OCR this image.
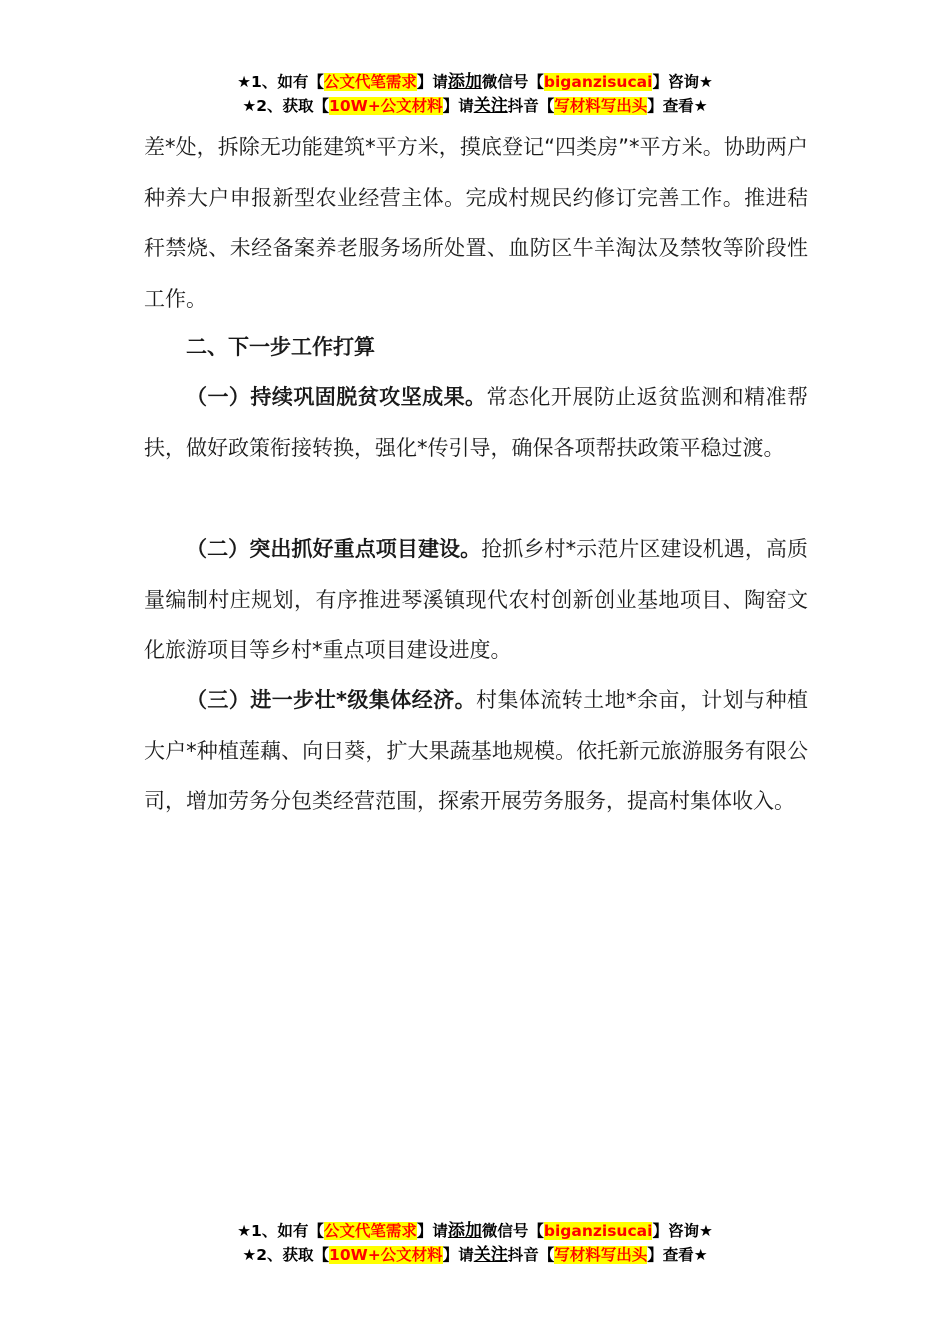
★1、如有【公文代笔需求】请添加微信号【biganzisucai】咨询★
★2、获取【10W+公文材料】请关注抖音【写材料写出头】查看★

差*处，拆除无功能建筑*平方米，摸底登记“四类房”*平方米。协助两户种养大户申报新型农业经营主体。完成村规民约修订完善工作。推进秸秆禁烧、未经备案养老服务场所处置、血防区牛羊淘汰及禁牧等阶段性工作。

二、下一步工作打算

（一）持续巩固脱贫攻坚成果。常态化开展防止返贫监测和精准帮扶，做好政策衔接转换，强化*传引导，确保各项帮扶政策平稳过渡。

（二）突出抓好重点项目建设。抢抓乡村*示范片区建设机遇，高质量编制村庄规划，有序推进琴溪镇现代农村创新创业基地项目、陶窑文化旅游项目等乡村*重点项目建设进度。

（三）进一步壮*级集体经济。村集体流转土地*余亩，计划与种植大户*种植莲藕、向日葵，扩大果蔬基地规模。依托新元旅游服务有限公司，增加劳务分包类经营范围，探索开展劳务服务，提高村集体收入。

★1、如有【公文代笔需求】请添加微信号【biganzisucai】咨询★
★2、获取【10W+公文材料】请关注抖音【写材料写出头】查看★
